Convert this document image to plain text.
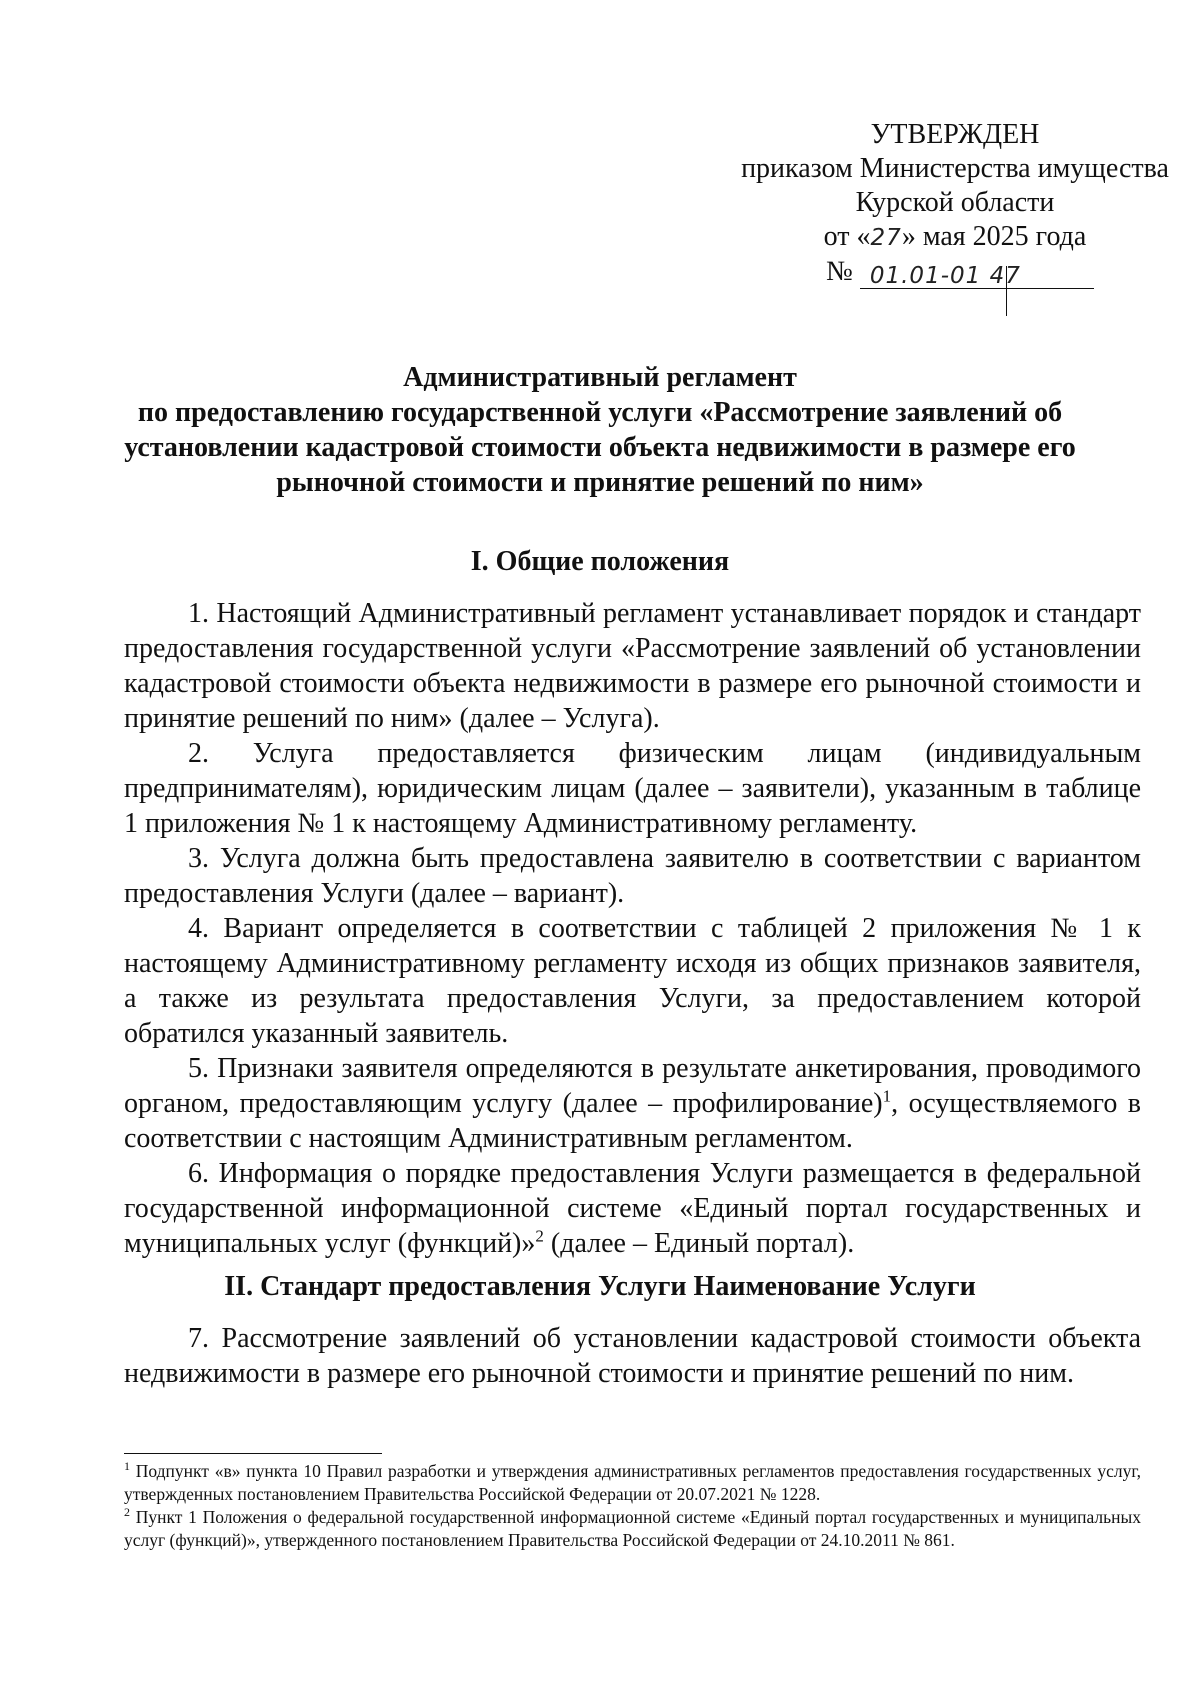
УТВЕРЖДЕН
приказом Министерства имущества
Курской области
от «27» мая 2025 года
№ 01.01-01 47
Административный регламент
по предоставлению государственной услуги «Рассмотрение заявлений об установлении кадастровой стоимости объекта недвижимости в размере его рыночной стоимости и принятие решений по ним»
I. Общие положения

1. Настоящий Административный регламент устанавливает порядок и стандарт предоставления государственной услуги «Рассмотрение заявлений об установлении кадастровой стоимости объекта недвижимости в размере его рыночной стоимости и принятие решений по ним» (далее – Услуга).

2. Услуга предоставляется физическим лицам (индивидуальным предпринимателям), юридическим лицам (далее – заявители), указанным в таблице 1 приложения № 1 к настоящему Административному регламенту.

3. Услуга должна быть предоставлена заявителю в соответствии с вариантом предоставления Услуги (далее – вариант).

4. Вариант определяется в соответствии с таблицей 2 приложения № 1 к настоящему Административному регламенту исходя из общих признаков заявителя, а также из результата предоставления Услуги, за предоставлением которой обратился указанный заявитель.

5. Признаки заявителя определяются в результате анкетирования, проводимого органом, предоставляющим услугу (далее – профилирование)$^1$, осуществляемого в соответствии с настоящим Административным регламентом.

6. Информация о порядке предоставления Услуги размещается в федеральной государственной информационной системе «Единый портал государственных и муниципальных услуг (функций)»$^2$ (далее – Единый портал).

II. Стандарт предоставления Услуги Наименование Услуги

7. Рассмотрение заявлений об установлении кадастровой стоимости объекта недвижимости в размере его рыночной стоимости и принятие решений по ним.

$^1$ Подпункт «в» пункта 10 Правил разработки и утверждения административных регламентов предоставления государственных услуг, утвержденных постановлением Правительства Российской Федерации от 20.07.2021 № 1228.

$^2$ Пункт 1 Положения о федеральной государственной информационной системе «Единый портал государственных и муниципальных услуг (функций)», утвержденного постановлением Правительства Российской Федерации от 24.10.2011 № 861.
